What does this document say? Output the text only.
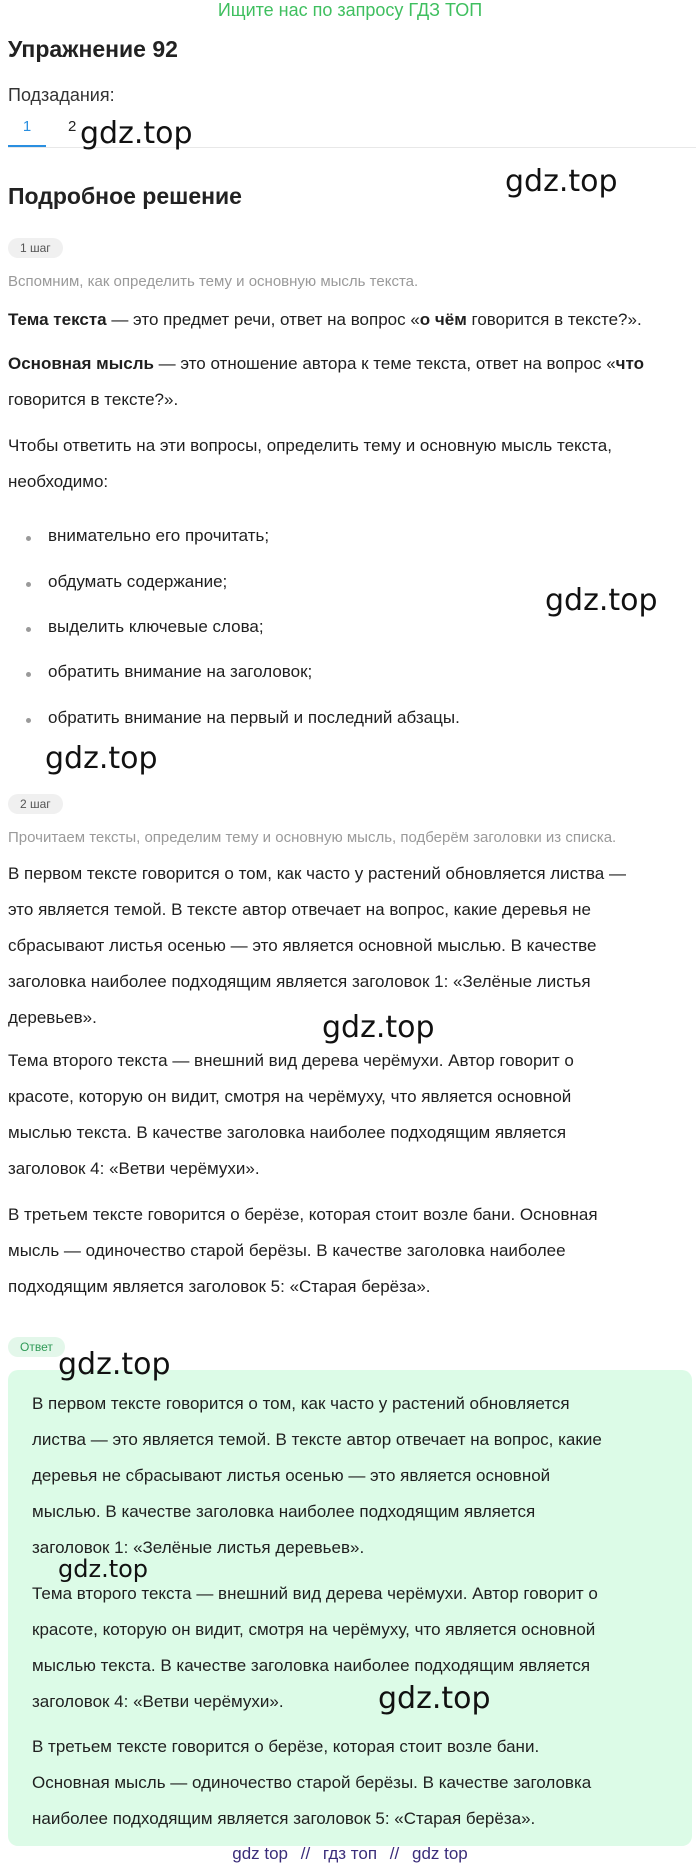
Ищите нас по запросу ГДЗ ТОП
Упражнение 92
Подзадания:
1	2 gdz.top
Подробное решение	gdz.top
1 шаг
Вспомним, как определить тему и основную мысль текста.

Тема текста — это предмет речи, ответ на вопрос «о чём говорится в тексте?».

Основная мысль — это отношение автора к теме текста, ответ на вопрос «что

говорится в тексте?».

Чтобы ответить на эти вопросы, определить тему и основную мысль текста,

необходимо:

внимательно его прочитать;
обдумать содержание;
выделить ключевые слова;
обратить внимание на заголовок;
обратить внимание на первый и последний абзацы.
gdz.top
gdz.top
2 шаг
Прочитаем тексты, определим тему и основную мысль, подберём заголовки из списка.

В первом тексте говорится о том, как часто у растений обновляется листва —

это является темой. В тексте автор отвечает на вопрос, какие деревья не

сбрасывают листья осенью — это является основной мыслью. В качестве

заголовка наиболее подходящим является заголовок 1: «Зелёные листья

деревьев».	gdz.top

Тема второго текста — внешний вид дерева черёмухи. Автор говорит о

красоте, которую он видит, смотря на черёмуху, что является основной

мыслью текста. В качестве заголовка наиболее подходящим является

заголовок 4: «Ветви черёмухи».

В третьем тексте говорится о берёзе, которая стоит возле бани. Основная

мысль — одиночество старой берёзы. В качестве заголовка наиболее

подходящим является заголовок 5: «Старая берёза».

Ответ gdz.top

В первом тексте говорится о том, как часто у растений обновляется

листва — это является темой. В тексте автор отвечает на вопрос, какие

деревья не сбрасывают листья осенью — это является основной

мыслью. В качестве заголовка наиболее подходящим является

заголовок 1: «Зелёные листья деревьев».

gdz.top

Тема второго текста — внешний вид дерева черёмухи. Автор говорит о

красоте, которую он видит, смотря на черёмуху, что является основной

мыслью текста. В качестве заголовка наиболее подходящим является

заголовок 4: «Ветви черёмухи».	gdz.top

В третьем тексте говорится о берёзе, которая стоит возле бани.

Основная мысль — одиночество старой берёзы. В качестве заголовка

наиболее подходящим является заголовок 5: «Старая берёза».

gdz top // гдз топ // gdz top
